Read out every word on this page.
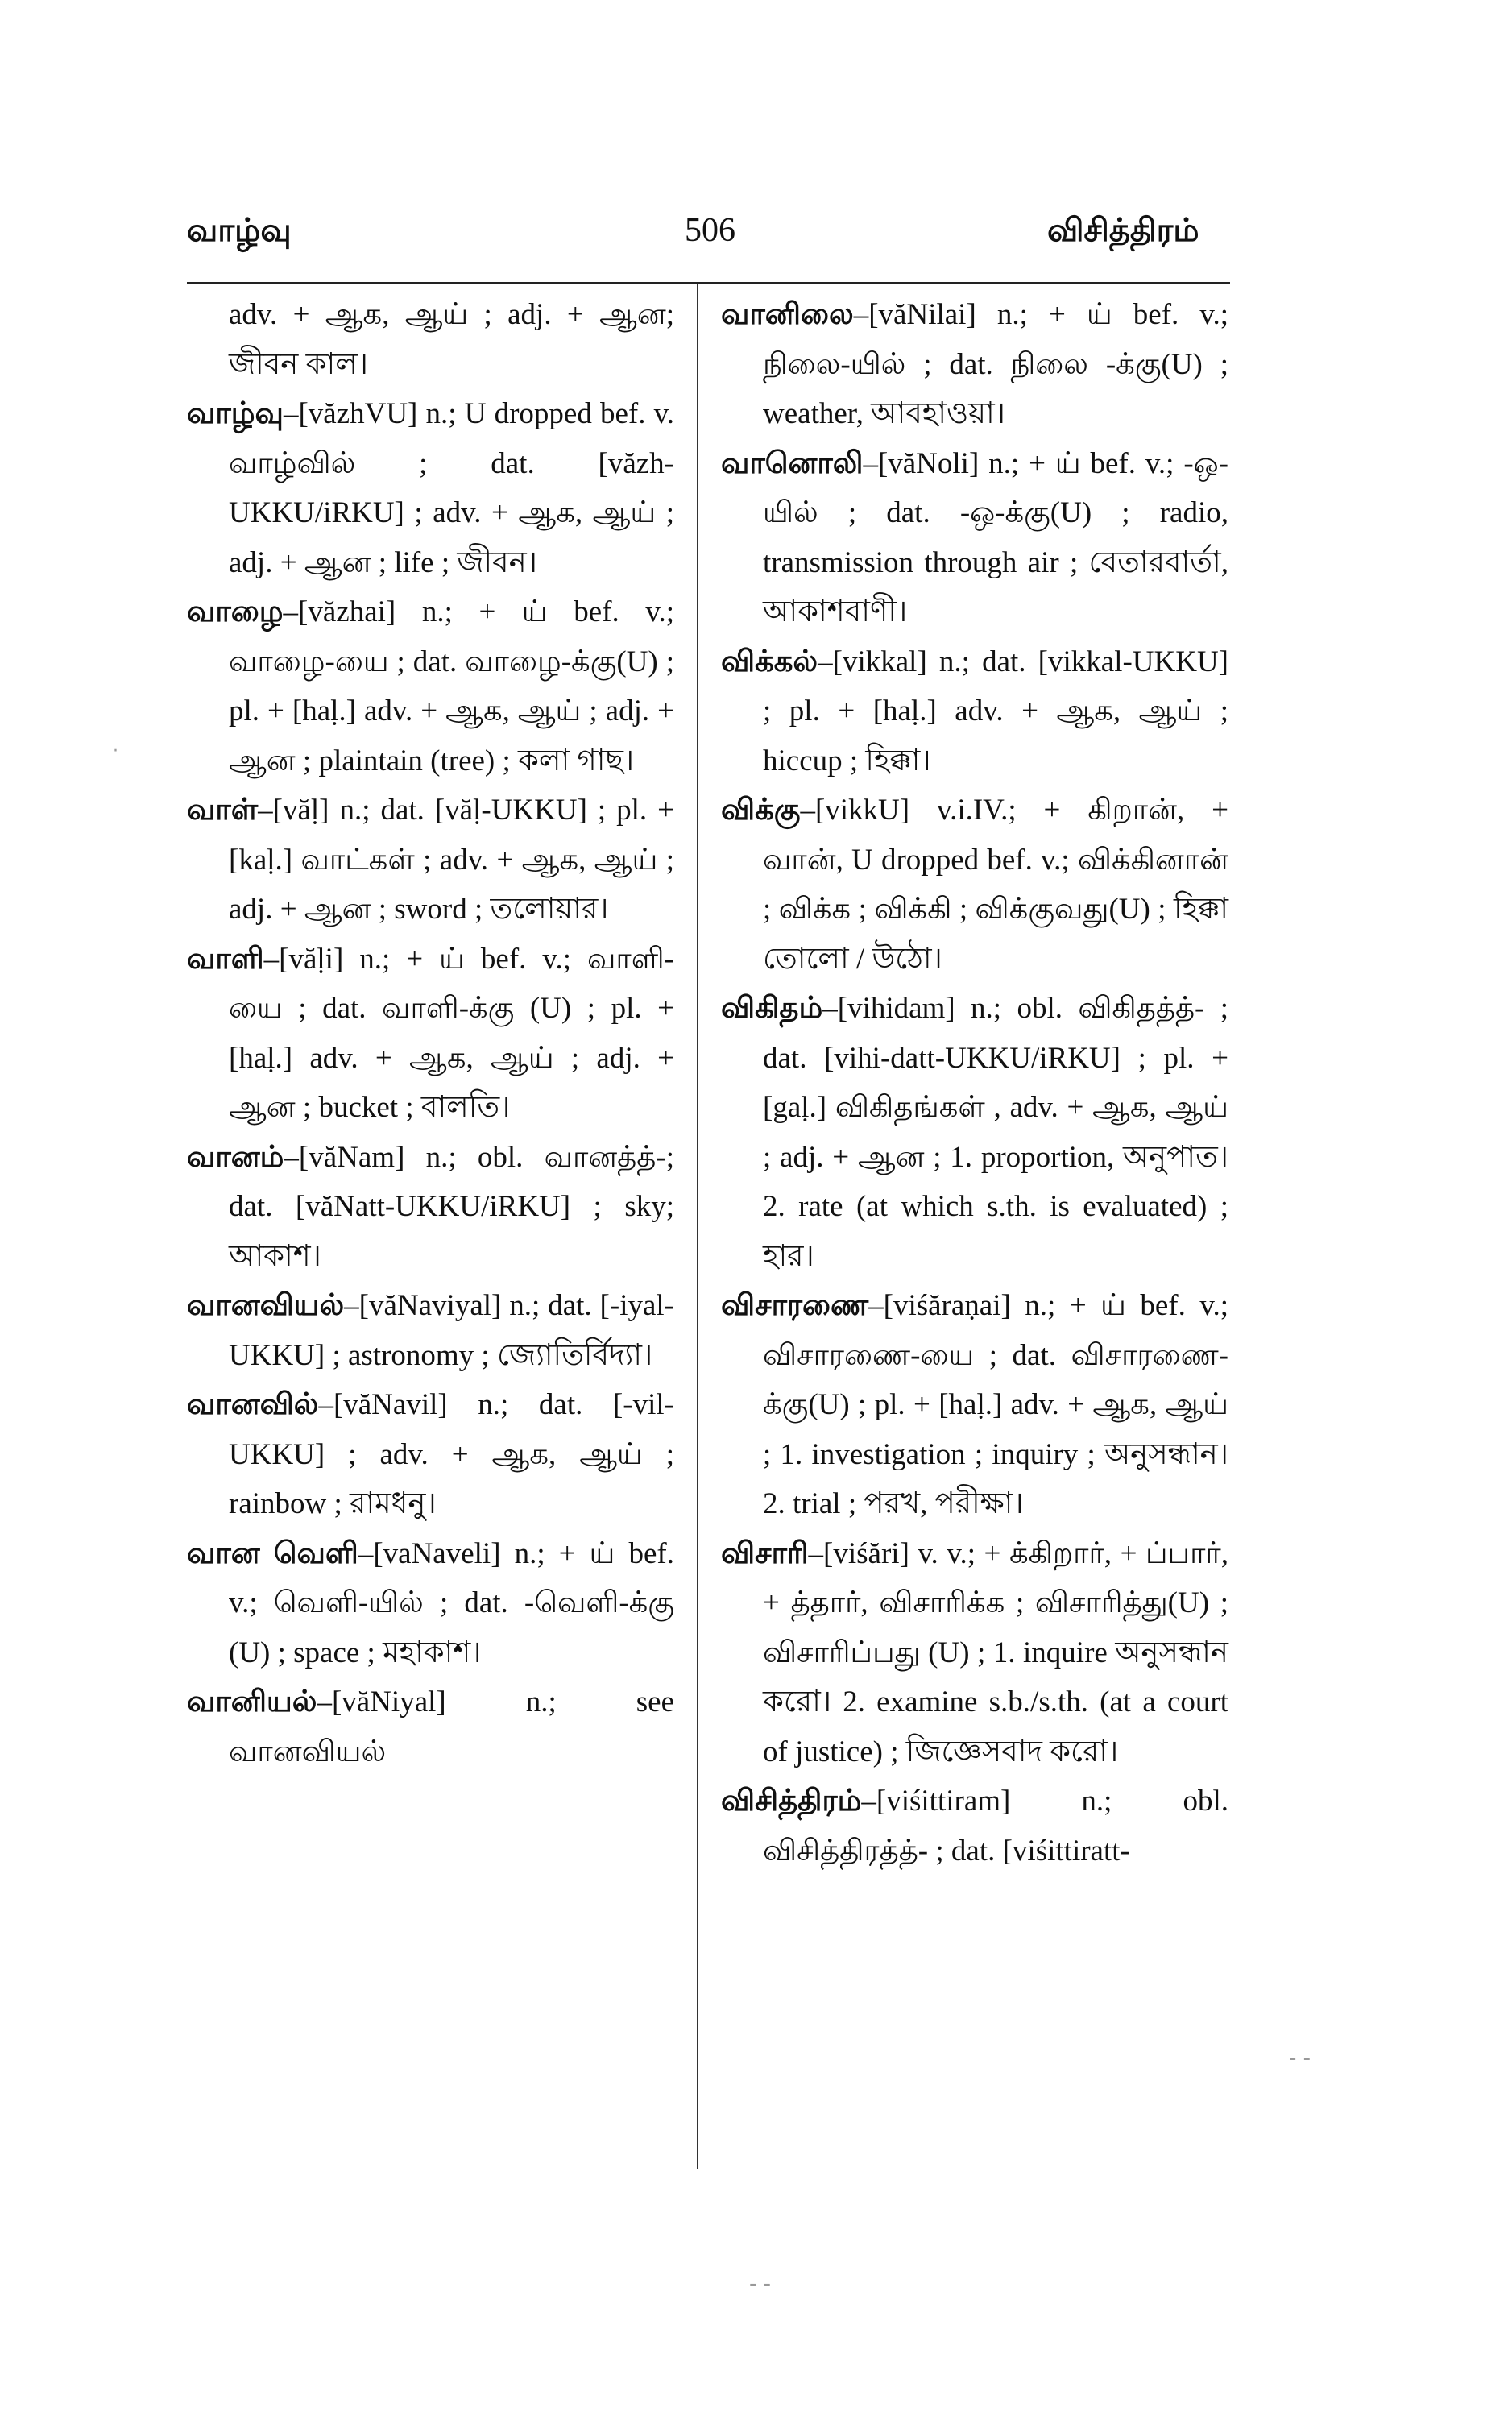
வாழ்வு	506	விசித்திரம்

adv. + ஆக, ஆய் ; adj. + ஆன; জীবন কাল।

வாழ்வு–[văzhVU] n.; U dropped bef. v. வாழ்வில் ; dat. [văzh-UKKU/iRKU] ; adv. + ஆக, ஆய் ; adj. + ஆன ; life ; জীবন।

வாழை–[văzhai] n.; + ய் bef. v.; வாழை-யை ; dat. வாழை-க்கு(U) ; pl. + [haḷ.] adv. + ஆக, ஆய் ; adj. + ஆன ; plaintain (tree) ; কলা গাছ।

வாள்–[văḷ] n.; dat. [văḷ-UKKU] ; pl. + [kaḷ.] வாட்கள் ; adv. + ஆக, ஆய் ; adj. + ஆன ; sword ; তলোয়ার।

வாளி–[văḷi] n.; + ய் bef. v.; வாளி-யை ; dat. வாளி-க்கு (U) ; pl. + [haḷ.] adv. + ஆக, ஆய் ; adj. + ஆன ; bucket ; বালতি।

வானம்–[văNam] n.; obl. வானத்த்-; dat. [văNatt-UKKU/iRKU] ; sky; আকাশ।

வானவியல்–[văNaviyal] n.; dat. [-iyal-UKKU] ; astronomy ; জ্যোতির্বিদ্যা।

வானவில்–[văNavil] n.; dat. [-vil-UKKU] ; adv. + ஆக, ஆய் ; rainbow ; রামধনু।

வான வெளி–[vaNaveli] n.; + ய் bef. v.; வெளி-யில் ; dat. -வெளி-க்கு (U) ; space ; মহাকাশ।

வானியல்–[văNiyal] n.; see வானவியல்

வானிலை–[văNilai] n.; + ய் bef. v.; நிலை-யில் ; dat. நிலை -க்கு(U) ; weather, আবহাওয়া।

வானொலி–[văNoli] n.; + ய் bef. v.; -ஒ-யில் ; dat. -ஒ-க்கு(U) ; radio, transmission through air ; বেতারবার্তা, আকাশবাণী।

விக்கல்–[vikkal] n.; dat. [vikkal-UKKU] ; pl. + [haḷ.] adv. + ஆக, ஆய் ; hiccup ; হিক্কা।

விக்கு–[vikkU] v.i.IV.; + கிறான், + வான், U dropped bef. v.; விக்கினான் ; விக்க ; விக்கி ; விக்குவது(U) ; হিক্কা তোলো / উঠো।

விகிதம்–[vihidam] n.; obl. விகிதத்த்- ; dat. [vihi-datt-UKKU/iRKU] ; pl. + [gaḷ.] விகிதங்கள் , adv. + ஆக, ஆய் ; adj. + ஆன ; 1. proportion, অনুপাত। 2. rate (at which s.th. is evaluated) ; হার।

விசாரணை–[viśăraṇai] n.; + ய் bef. v.; விசாரணை-யை ; dat. விசாரணை-க்கு(U) ; pl. + [haḷ.] adv. + ஆக, ஆய் ; 1. investigation ; inquiry ; অনুসন্ধান। 2. trial ; পরখ, পরীক্ষা।

விசாரி–[viśări] v. v.; + க்கிறார், + ப்பார், + த்தார், விசாரிக்க ; விசாரித்து(U) ; விசாரிப்பது (U) ; 1. inquire অনুসন্ধান করো। 2. examine s.b./s.th. (at a court of justice) ; জিজ্ঞেসবাদ করো।

விசித்திரம்–[viśittiram] n.; obl. விசித்திரத்த்- ; dat. [viśittiratt-

·
- -
- -
